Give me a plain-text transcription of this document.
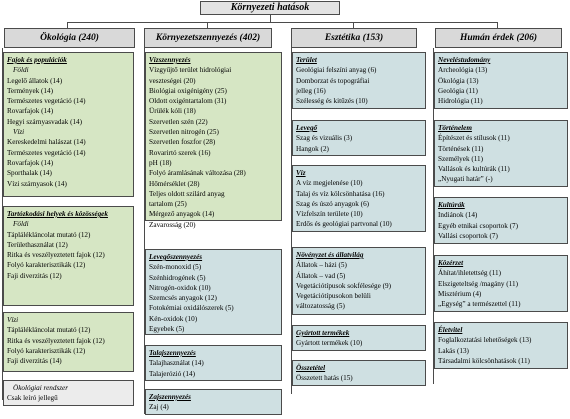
Környezeti hatások
Ökológia (240)
Fajok és populációk
Földi
Legelő állatok (14)
Termények (14)
Természetes vegetáció (14)
Rovarfajok (14)
Hegyi szárnyasvadak (14)
Vízi
Kereskedelmi halászat (14)
Természetes vegetáció (14)
Rovarfajok (14)
Sporthalak (14)
Vízi szárnyasok (14)
Tartózkodási helyek és közösségek
Földi
Táplálékláncolat mutató (12)
Területhasználat (12)
Ritka és veszélyeztetett fajok (12)
Folyó karakterisztikák (12)
Faji diverzitás (12)
Vízi
Táplálékláncolat mutató (12)
Ritka és veszélyeztetett fajok (12)
Folyó karakterisztikák (12)
Faji diverzitás (14)
Ökológiai rendszer
Csak leíró jellegű
Környezetszennyezés (402)
Vízszennyezés
Vízgyűjtő terület hidrológiai
veszteségei (20)
Biológiai oxigénigény (25)
Oldott oxigéntartalom (31)
Ürülék kóli (18)
Szervetlen szén (22)
Szervetlen nitrogén (25)
Szervetlen foszfor (28)
Rovarirtó szerek (16)
pH (18)
Folyó áramlásának változása (28)
Hőmérséklet (28)
Teljes oldott szilárd anyag
tartalom (25)
Mérgező anyagok (14)
Zavarosság (20)
Levegőszennyezés
Szén-monoxid (5)
Szénhidrogének (5)
Nitrogén-oxidok (10)
Szemcsés anyagok (12)
Fotokémiai oxidálószerek (5)
Kén-oxidok (10)
Egyebek (5)
Talajszennyezés
Talajhasználat (14)
Talajerózió (14)
Zajszennyezés
Zaj (4)
Esztétika (153)
Terület
Geológiai felszíni anyag (6)
Domborzat és topográfiai
jelleg (16)
Szélesség és kitűzés (10)
Levegő
Szag és vizuális (3)
Hangok (2)
Víz
A víz megjelenése (10)
Talaj és víz kölcsönhatása (16)
Szag és úszó anyagok (6)
Vízfelszín területe (10)
Erdős és geológiai partvonal (10)
Növényzet és állatvilág
Állatok – házi (5)
Állatok – vad (5)
Vegetációtípusok sokfélesége (9)
Vegetációtípusokon belüli
változatosság (5)
Gyártott termékek
Gyártott termékek (10)
Összetétel
Összetett hatás (15)
Humán érdek (206)
Neveléstudomány
Archeológia (13)
Ökológia (13)
Geológia (11)
Hidrológia (11)
Történelem
Építészet és stílusok (11)
Történések (11)
Személyek (11)
Vallások és kultúrák (11)
„Nyugati határ” (-)
Kultúrák
Indiánok (14)
Egyéb etnikai csoportok (7)
Vallási csoportok (7)
Közérzet
Áhítat/ihletettség (11)
Elszigeteltség /magány (11)
Misztérium (4)
„Egység” a természettel (11)
Életvitel
Foglalkoztatási lehetőségek (13)
Lakás (13)
Társadalmi kölcsönhatások (11)
